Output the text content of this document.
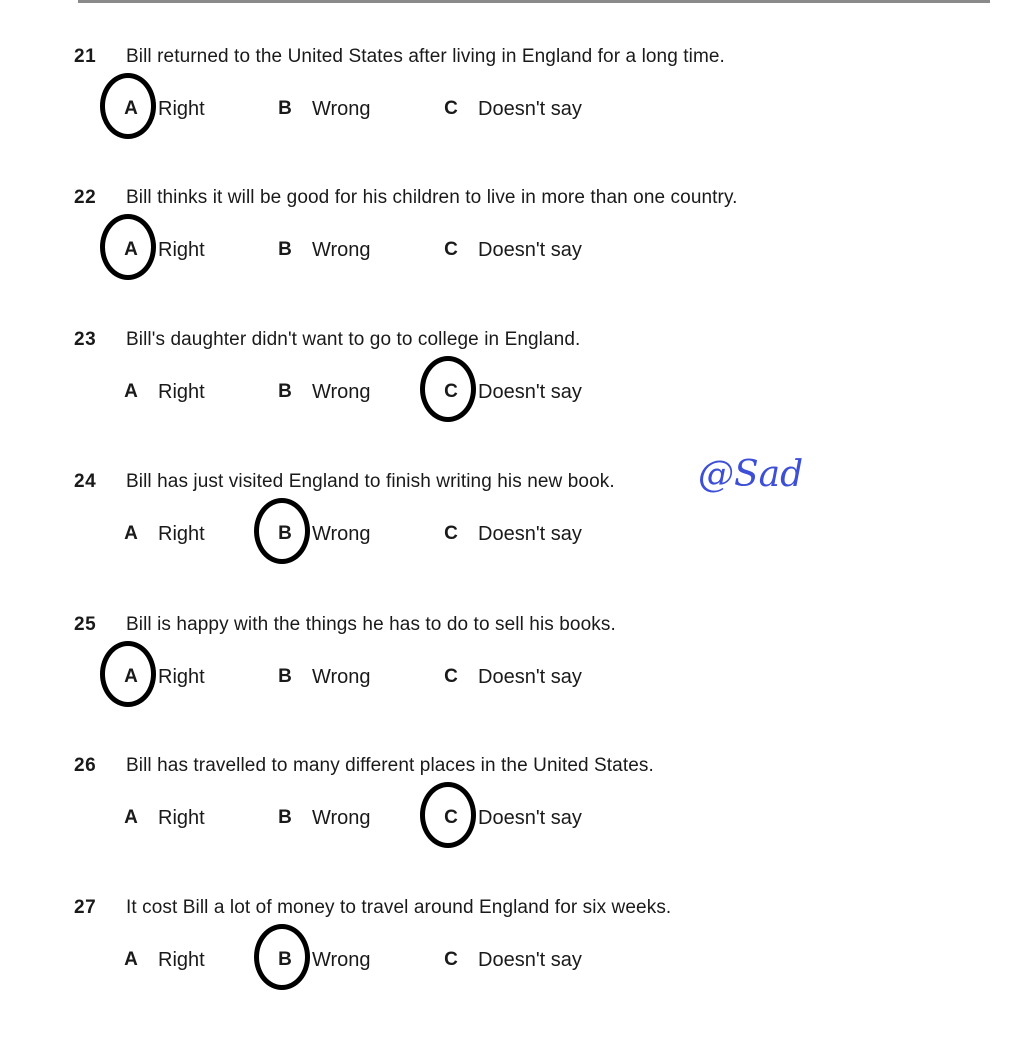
21 Bill returned to the United States after living in England for a long time.
A Right	B Wrong	C Doesn't say
22 Bill thinks it will be good for his children to live in more than one country.
A Right	B Wrong	C Doesn't say
23 Bill's daughter didn't want to go to college in England.
A Right	B Wrong	C Doesn't say
24 Bill has just visited England to finish writing his new book.
A Right	B Wrong	C Doesn't say
25 Bill is happy with the things he has to do to sell his books.
A Right	B Wrong	C Doesn't say
26 Bill has travelled to many different places in the United States.
A Right	B Wrong	C Doesn't say
27 It cost Bill a lot of money to travel around England for six weeks.
A Right	B Wrong	C Doesn't say
@Sad
